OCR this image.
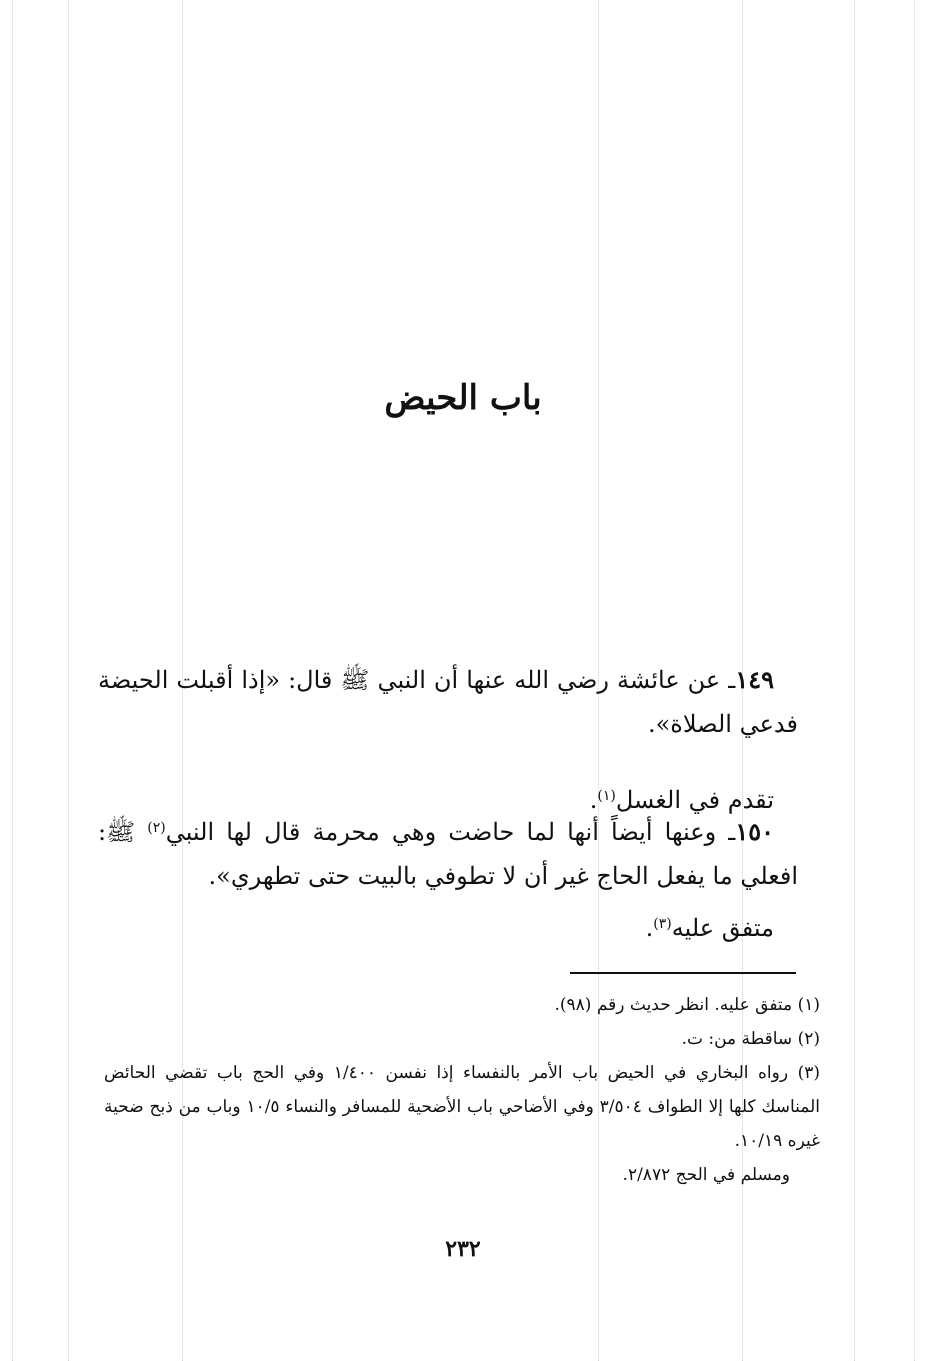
باب الحيض
١٤٩ـ عن عائشة رضي الله عنها أن النبي ﷺ قال: «إذا أقبلت الحيضة فدعي الصلاة».
تقدم في الغسل$^{(١)}$.
١٥٠ـ وعنها أيضاً أنها لما حاضت وهي محرمة قال لها النبي$^{(٢)}$ ﷺ: افعلي ما يفعل الحاج غير أن لا تطوفي بالبيت حتى تطهري».
متفق عليه$^{(٣)}$.

(١) متفق عليه. انظر حديث رقم (٩٨).

(٢) ساقطة من: ت.

(٣) رواه البخاري في الحيض باب الأمر بالنفساء إذا نفسن ١/٤٠٠ وفي الحج باب تقضي الحائض المناسك كلها إلا الطواف ٣/٥٠٤ وفي الأضاحي باب الأضحية للمسافر والنساء ١٠/٥ وباب من ذبح ضحية غيره ١٠/١٩.

ومسلم في الحج ٢/٨٧٢.

٢٣٢
